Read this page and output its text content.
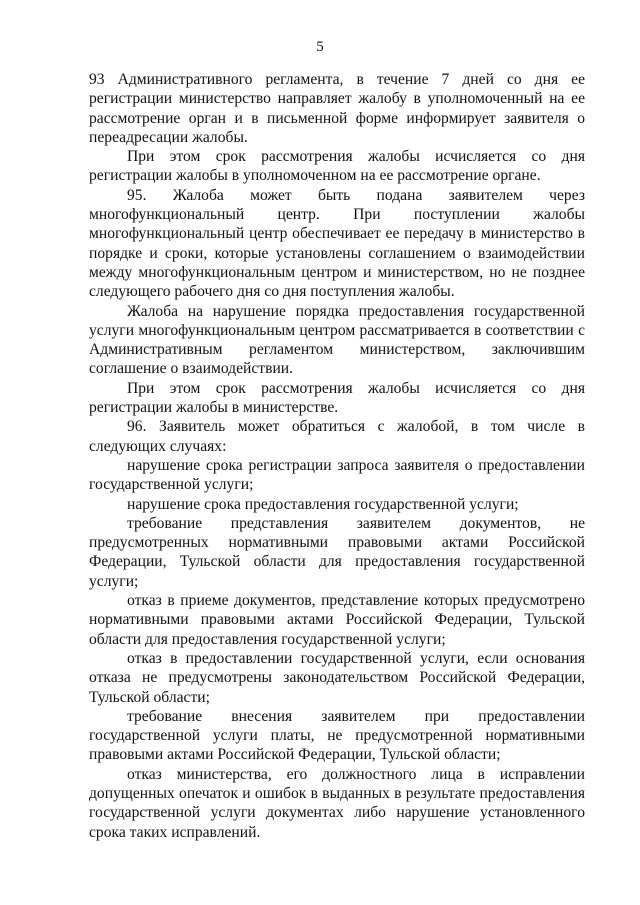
5

93 Административного регламента, в течение 7 дней со дня ее регистрации министерство направляет жалобу в уполномоченный на ее рассмотрение орган и в письменной форме информирует заявителя о переадресации жалобы.

При этом срок рассмотрения жалобы исчисляется со дня регистрации жалобы в уполномоченном на ее рассмотрение органе.

95. Жалоба может быть подана заявителем через многофункциональный центр. При поступлении жалобы многофункциональный центр обеспечивает ее передачу в министерство в порядке и сроки, которые установлены соглашением о взаимодействии между многофункциональным центром и министерством, но не позднее следующего рабочего дня со дня поступления жалобы.

Жалоба на нарушение порядка предоставления государственной услуги многофункциональным центром рассматривается в соответствии с Административным регламентом министерством, заключившим соглашение о взаимодействии.

При этом срок рассмотрения жалобы исчисляется со дня регистрации жалобы в министерстве.

96. Заявитель может обратиться с жалобой, в том числе в следующих случаях:

нарушение срока регистрации запроса заявителя о предоставлении государственной услуги;

нарушение срока предоставления государственной услуги;

требование представления заявителем документов, не предусмотренных нормативными правовыми актами Российской Федерации, Тульской области для предоставления государственной услуги;

отказ в приеме документов, представление которых предусмотрено нормативными правовыми актами Российской Федерации, Тульской области для предоставления государственной услуги;

отказ в предоставлении государственной услуги, если основания отказа не предусмотрены законодательством Российской Федерации, Тульской области;

требование внесения заявителем при предоставлении государственной услуги платы, не предусмотренной нормативными правовыми актами Российской Федерации, Тульской области;

отказ министерства, его должностного лица в исправлении допущенных опечаток и ошибок в выданных в результате предоставления государственной услуги документах либо нарушение установленного срока таких исправлений.
